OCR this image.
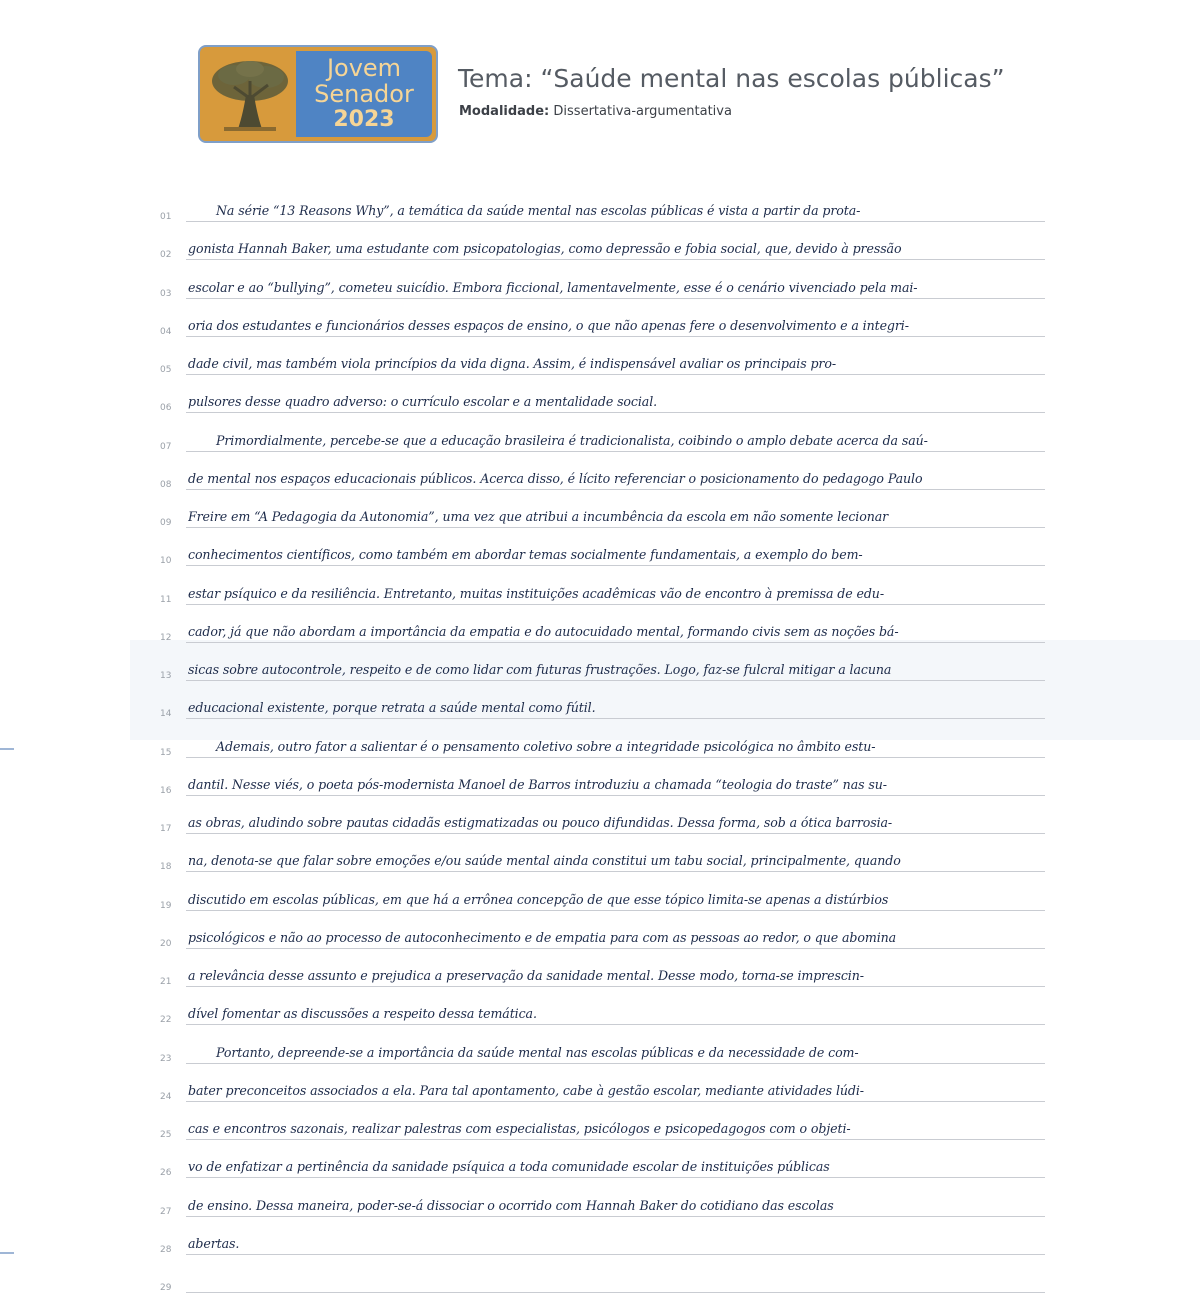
Jovem
Senador
2023
Tema: “Saúde mental nas escolas públicas”
Modalidade: Dissertativa-argumentativa
01	Na série “13 Reasons Why”, a temática da saúde mental nas escolas públicas é vista a partir da prota-
02	gonista Hannah Baker, uma estudante com psicopatologias, como depressão e fobia social, que, devido à pressão
03	escolar e ao “bullying”, cometeu suicídio. Embora ficcional, lamentavelmente, esse é o cenário vivenciado pela mai-
04	oria dos estudantes e funcionários desses espaços de ensino, o que não apenas fere o desenvolvimento e a integri-
05	dade civil, mas também viola princípios da vida digna. Assim, é indispensável avaliar os principais pro-
06	pulsores desse quadro adverso: o currículo escolar e a mentalidade social.
07	Primordialmente, percebe-se que a educação brasileira é tradicionalista, coibindo o amplo debate acerca da saú-
08	de mental nos espaços educacionais públicos. Acerca disso, é lícito referenciar o posicionamento do pedagogo Paulo
09	Freire em “A Pedagogia da Autonomia”, uma vez que atribui a incumbência da escola em não somente lecionar
10	conhecimentos científicos, como também em abordar temas socialmente fundamentais, a exemplo do bem-
11	estar psíquico e da resiliência. Entretanto, muitas instituições acadêmicas vão de encontro à premissa de edu-
12	cador, já que não abordam a importância da empatia e do autocuidado mental, formando civis sem as noções bá-
13	sicas sobre autocontrole, respeito e de como lidar com futuras frustrações. Logo, faz-se fulcral mitigar a lacuna
14	educacional existente, porque retrata a saúde mental como fútil.
15	Ademais, outro fator a salientar é o pensamento coletivo sobre a integridade psicológica no âmbito estu-
16	dantil. Nesse viés, o poeta pós-modernista Manoel de Barros introduziu a chamada “teologia do traste” nas su-
17	as obras, aludindo sobre pautas cidadãs estigmatizadas ou pouco difundidas. Dessa forma, sob a ótica barrosia-
18	na, denota-se que falar sobre emoções e/ou saúde mental ainda constitui um tabu social, principalmente, quando
19	discutido em escolas públicas, em que há a errônea concepção de que esse tópico limita-se apenas a distúrbios
20	psicológicos e não ao processo de autoconhecimento e de empatia para com as pessoas ao redor, o que abomina
21	a relevância desse assunto e prejudica a preservação da sanidade mental. Desse modo, torna-se imprescin-
22	dível fomentar as discussões a respeito dessa temática.
23	Portanto, depreende-se a importância da saúde mental nas escolas públicas e da necessidade de com-
24	bater preconceitos associados a ela. Para tal apontamento, cabe à gestão escolar, mediante atividades lúdi-
25	cas e encontros sazonais, realizar palestras com especialistas, psicólogos e psicopedagogos com o objeti-
26	vo de enfatizar a pertinência da sanidade psíquica a toda comunidade escolar de instituições públicas
27	de ensino. Dessa maneira, poder-se-á dissociar o ocorrido com Hannah Baker do cotidiano das escolas
28	abertas.
29
